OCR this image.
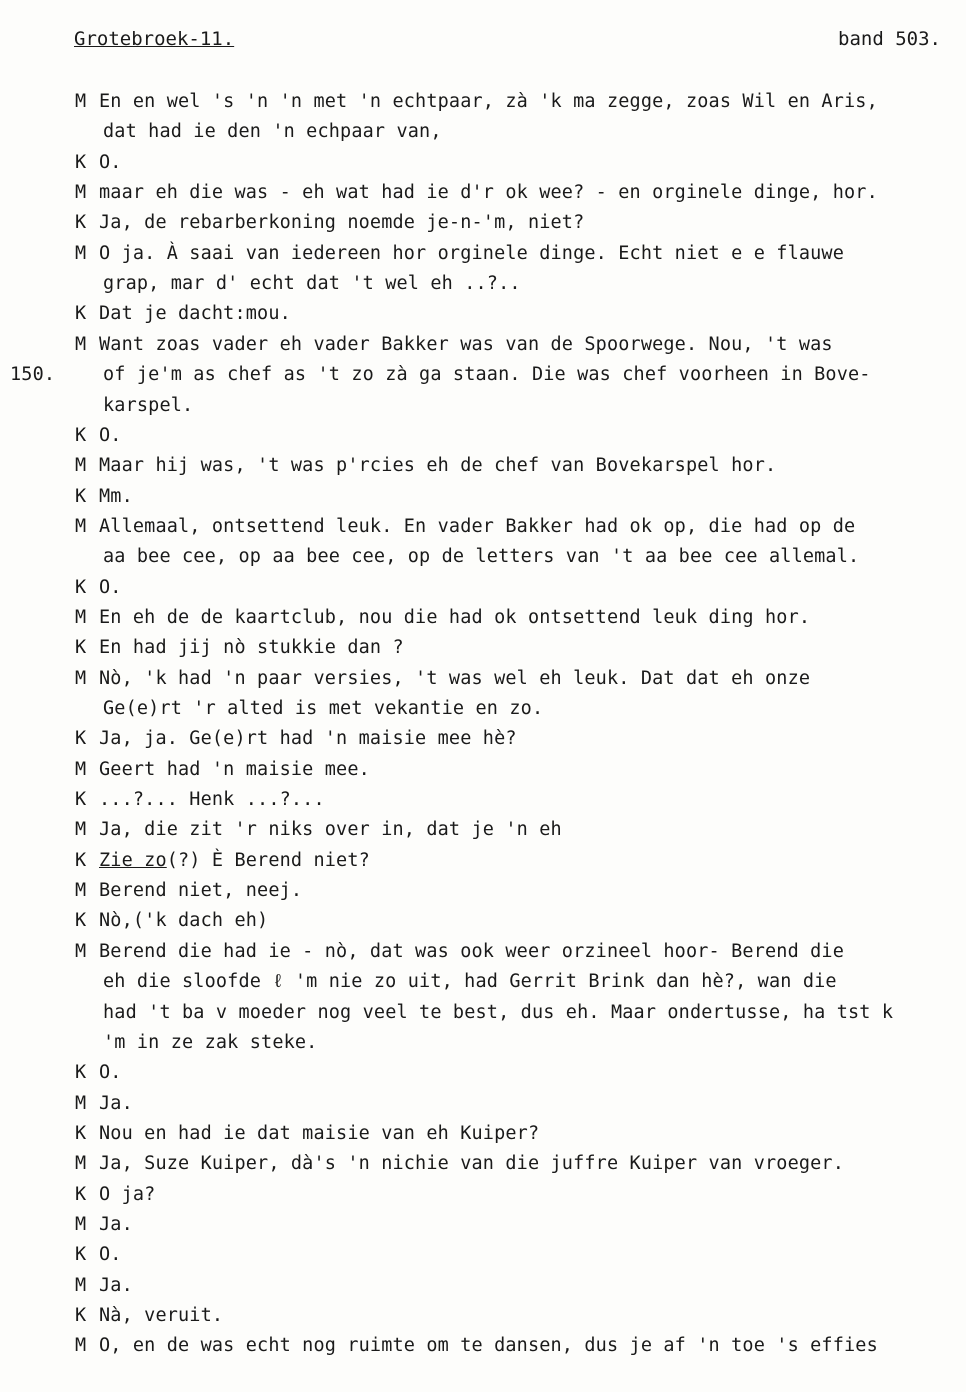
Grotebroek-11.	band 503.
M En en wel 's 'n 'n met 'n echtpaar, zà 'k ma zegge, zoas Wil en Aris,
dat had ie den 'n echpaar van,
K O.
M maar eh die was - eh wat had ie d'r ok wee? - en orginele dinge, hor.
K Ja, de rebarberkoning noemde je-n-'m, niet?
M O ja. À saai van iedereen hor orginele dinge. Echt niet e e flauwe
grap, mar d' echt dat 't wel eh ..?..
K Dat je dacht:mou.
M Want zoas vader eh vader Bakker was van de Spoorwege. Nou, 't was
of je'm as chef as 't zo zà ga staan. Die was chef voorheen in Bove-
150.
karspel.
K O.
M Maar hij was, 't was p'rcies eh de chef van Bovekarspel hor.
K Mm.
M Allemaal, ontsettend leuk. En vader Bakker had ok op, die had op de
aa bee cee, op aa bee cee, op de letters van 't aa bee cee allemal.
K O.
M En eh de de kaartclub, nou die had ok ontsettend leuk ding hor.
K En had jij nò stukkie dan ?
M Nò, 'k had 'n paar versies, 't was wel eh leuk. Dat dat eh onze
Ge(e)rt 'r alted is met vekantie en zo.
K Ja, ja. Ge(e)rt had 'n maisie mee hè?
M Geert had 'n maisie mee.
K ...?... Henk ...?...
M Ja, die zit 'r niks over in, dat je 'n eh
K Zie zo(?) È Berend niet?
M Berend niet, neej.
K Nò,('k dach eh)
M Berend die had ie - nò, dat was ook weer orzineel hoor- Berend die
eh die sloofde ℓ 'm nie zo uit, had Gerrit Brink dan hè?, wan die
had 't ba v moeder nog veel te best, dus eh. Maar ondertusse, ha tst k
'm in ze zak steke.
K O.
M Ja.
K Nou en had ie dat maisie van eh Kuiper?
M Ja, Suze Kuiper, dà's 'n nichie van die juffre Kuiper van vroeger.
K O ja?
M Ja.
K O.
M Ja.
K Nà, veruit.
M O, en de was echt nog ruimte om te dansen, dus je af 'n toe 's effies
